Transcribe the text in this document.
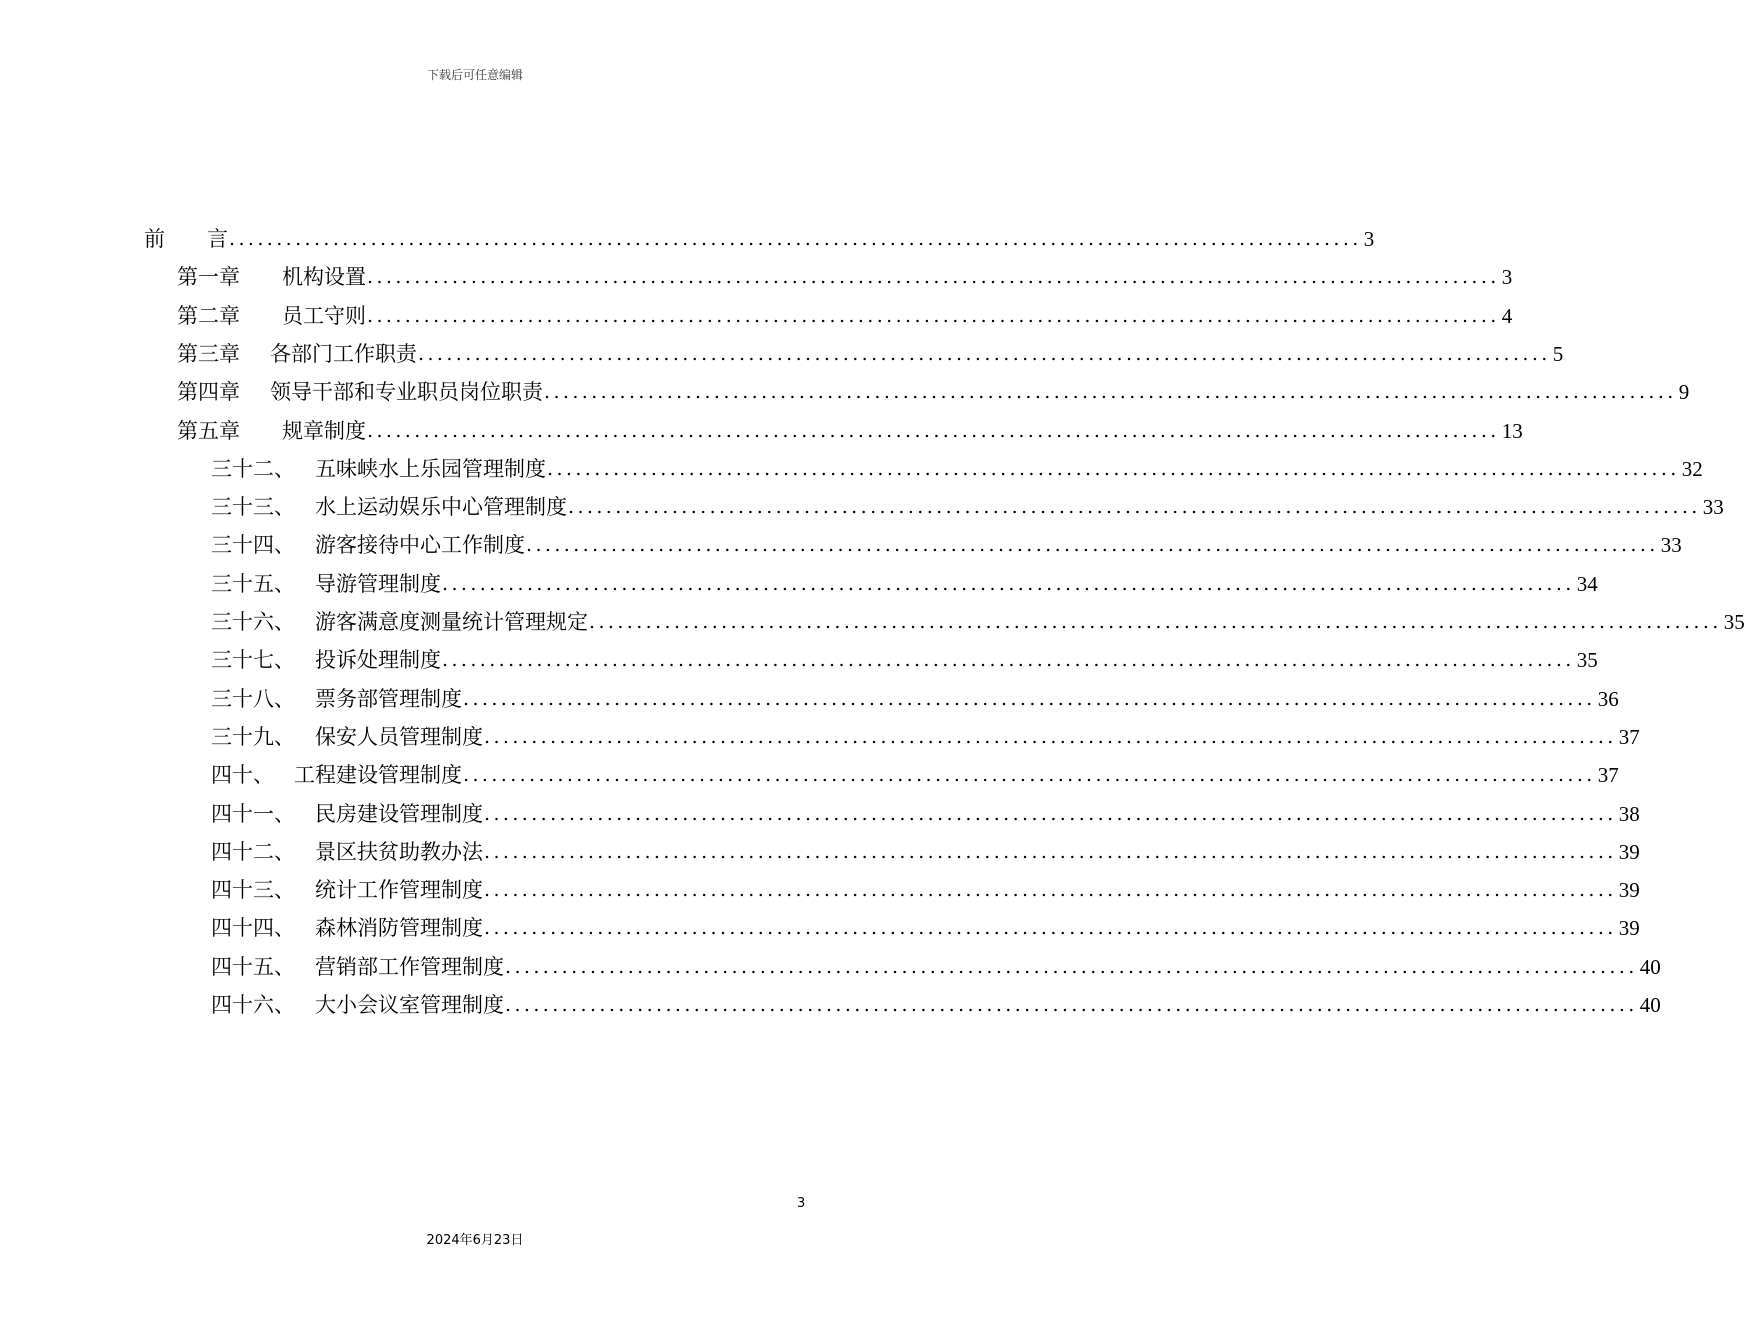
下载后可任意编辑
前　　言 ........................................................................................................................ 3
第一章	机构设置 ........................................................................................................................ 3
第二章	员工守则 ........................................................................................................................ 4
第三章	各部门工作职责 ........................................................................................................................ 5
第四章	领导干部和专业职员岗位职责 ........................................................................................................................ 9
第五章	规章制度 ........................................................................................................................ 13
三十二、 五味峡水上乐园管理制度 ........................................................................................................................ 32
三十三、 水上运动娱乐中心管理制度 ........................................................................................................................ 33
三十四、 游客接待中心工作制度 ........................................................................................................................ 33
三十五、 导游管理制度 ........................................................................................................................ 34
三十六、 游客满意度测量统计管理规定 ........................................................................................................................ 35
三十七、 投诉处理制度 ........................................................................................................................ 35
三十八、 票务部管理制度 ........................................................................................................................ 36
三十九、 保安人员管理制度 ........................................................................................................................ 37
四十、 工程建设管理制度 ........................................................................................................................ 37
四十一、 民房建设管理制度 ........................................................................................................................ 38
四十二、 景区扶贫助教办法 ........................................................................................................................ 39
四十三、 统计工作管理制度 ........................................................................................................................ 39
四十四、 森林消防管理制度 ........................................................................................................................ 39
四十五、 营销部工作管理制度 ........................................................................................................................ 40
四十六、 大小会议室管理制度 ........................................................................................................................ 40
3
2024年6月23日
